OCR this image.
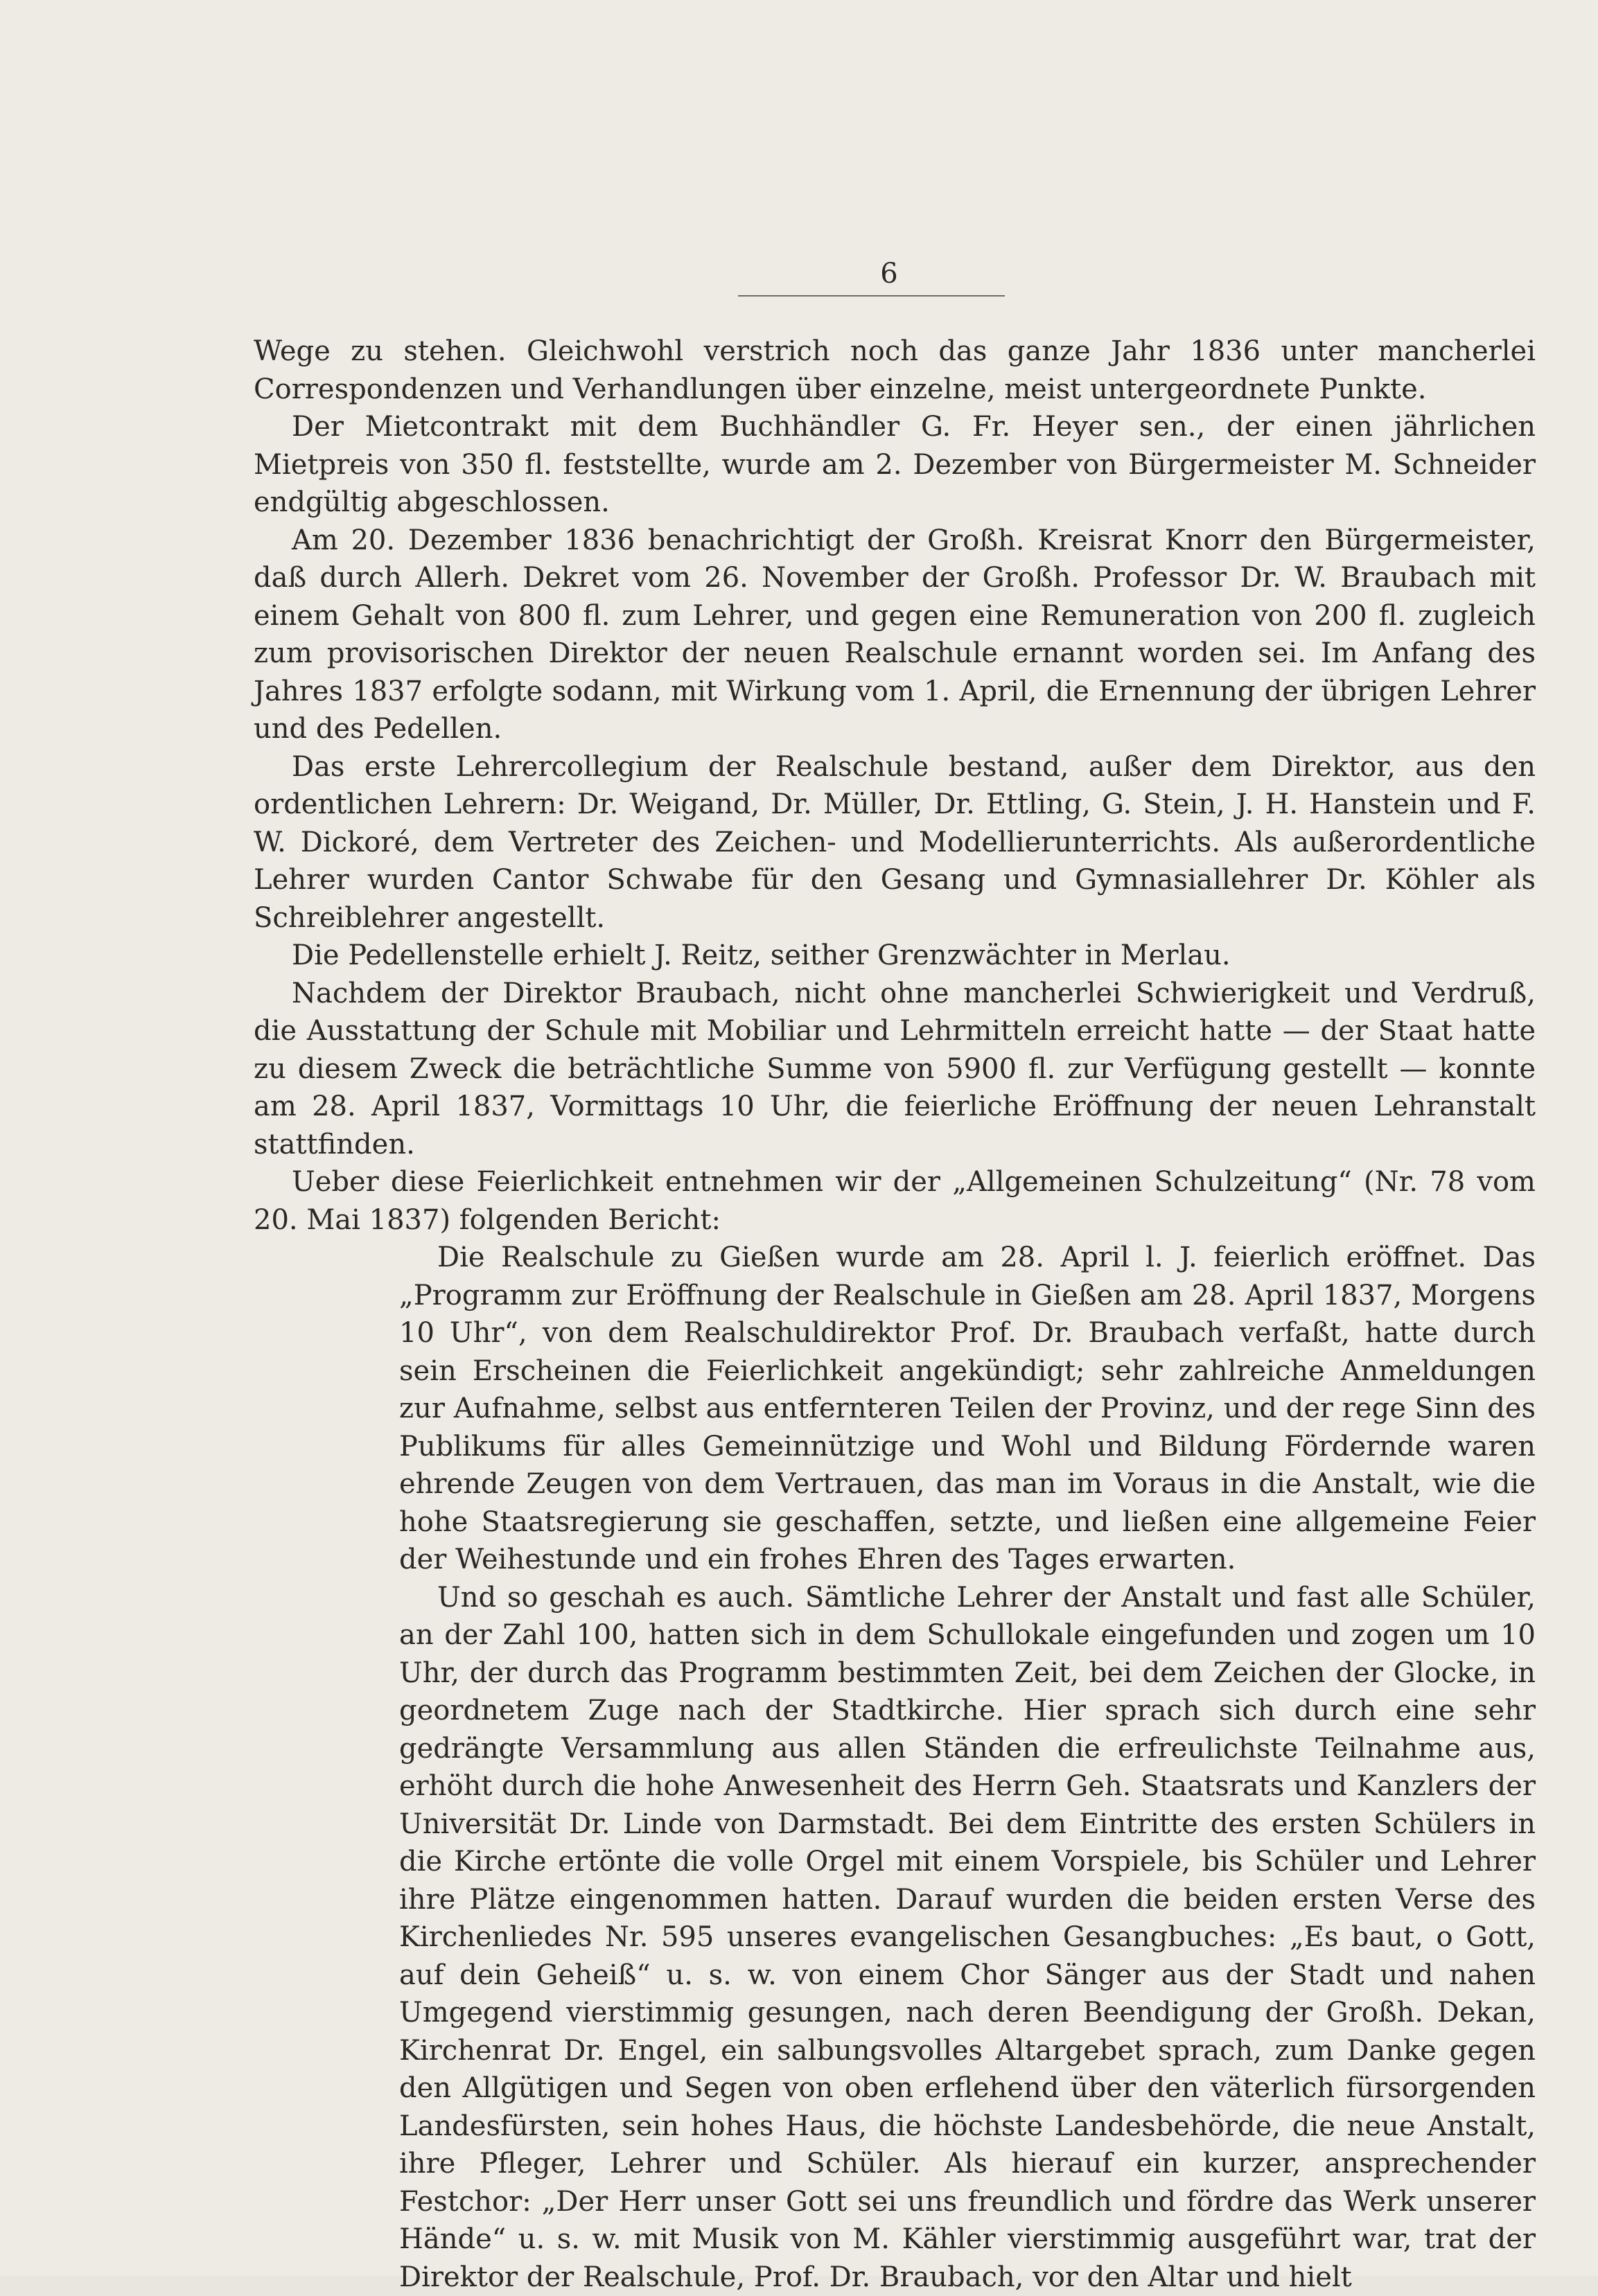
6

Wege zu stehen. Gleichwohl verstrich noch das ganze Jahr 1836 unter mancherlei Correspondenzen und Verhandlungen über einzelne, meist untergeordnete Punkte.

Der Mietcontrakt mit dem Buchhändler G. Fr. Heyer sen., der einen jährlichen Mietpreis von 350 fl. feststellte, wurde am 2. Dezember von Bürgermeister M. Schneider endgültig abgeschlossen.

Am 20. Dezember 1836 benachrichtigt der Großh. Kreisrat Knorr den Bürgermeister, daß durch Allerh. Dekret vom 26. November der Großh. Professor Dr. W. Braubach mit einem Gehalt von 800 fl. zum Lehrer, und gegen eine Remuneration von 200 fl. zugleich zum provisorischen Direktor der neuen Realschule ernannt worden sei. Im Anfang des Jahres 1837 erfolgte sodann, mit Wirkung vom 1. April, die Ernennung der übrigen Lehrer und des Pedellen.

Das erste Lehrercollegium der Realschule bestand, außer dem Direktor, aus den ordentlichen Lehrern: Dr. Weigand, Dr. Müller, Dr. Ettling, G. Stein, J. H. Hanstein und F. W. Dickoré, dem Vertreter des Zeichen- und Modellierunterrichts. Als außerordentliche Lehrer wurden Cantor Schwabe für den Gesang und Gymnasiallehrer Dr. Köhler als Schreiblehrer angestellt.

Die Pedellenstelle erhielt J. Reitz, seither Grenzwächter in Merlau.

Nachdem der Direktor Braubach, nicht ohne mancherlei Schwierigkeit und Verdruß, die Ausstattung der Schule mit Mobiliar und Lehrmitteln erreicht hatte — der Staat hatte zu diesem Zweck die beträchtliche Summe von 5900 fl. zur Verfügung gestellt — konnte am 28. April 1837, Vormittags 10 Uhr, die feierliche Eröffnung der neuen Lehranstalt stattfinden.

Ueber diese Feierlichkeit entnehmen wir der „Allgemeinen Schulzeitung“ (Nr. 78 vom 20. Mai 1837) folgenden Bericht:

Die Realschule zu Gießen wurde am 28. April l. J. feierlich eröffnet. Das „Programm zur Eröffnung der Realschule in Gießen am 28. April 1837, Morgens 10 Uhr“, von dem Realschuldirektor Prof. Dr. Braubach verfaßt, hatte durch sein Erscheinen die Feierlichkeit angekündigt; sehr zahlreiche Anmeldungen zur Aufnahme, selbst aus entfernteren Teilen der Provinz, und der rege Sinn des Publikums für alles Gemeinnützige und Wohl und Bildung Fördernde waren ehrende Zeugen von dem Vertrauen, das man im Voraus in die Anstalt, wie die hohe Staatsregierung sie geschaffen, setzte, und ließen eine allgemeine Feier der Weihestunde und ein frohes Ehren des Tages erwarten.

Und so geschah es auch. Sämtliche Lehrer der Anstalt und fast alle Schüler, an der Zahl 100, hatten sich in dem Schullokale eingefunden und zogen um 10 Uhr, der durch das Programm bestimmten Zeit, bei dem Zeichen der Glocke, in geordnetem Zuge nach der Stadtkirche. Hier sprach sich durch eine sehr gedrängte Versammlung aus allen Ständen die erfreulichste Teilnahme aus, erhöht durch die hohe Anwesenheit des Herrn Geh. Staatsrats und Kanzlers der Universität Dr. Linde von Darmstadt. Bei dem Eintritte des ersten Schülers in die Kirche ertönte die volle Orgel mit einem Vorspiele, bis Schüler und Lehrer ihre Plätze eingenommen hatten. Darauf wurden die beiden ersten Verse des Kirchenliedes Nr. 595 unseres evangelischen Gesangbuches: „Es baut, o Gott, auf dein Geheiß“ u. s. w. von einem Chor Sänger aus der Stadt und nahen Umgegend vierstimmig gesungen, nach deren Beendigung der Großh. Dekan, Kirchenrat Dr. Engel, ein salbungsvolles Altargebet sprach, zum Danke gegen den Allgütigen und Segen von oben erflehend über den väterlich fürsorgenden Landesfürsten, sein hohes Haus, die höchste Landesbehörde, die neue Anstalt, ihre Pfleger, Lehrer und Schüler. Als hierauf ein kurzer, ansprechender Festchor: „Der Herr unser Gott sei uns freundlich und fördre das Werk unserer Hände“ u. s. w. mit Musik von M. Kähler vierstimmig ausgeführt war, trat der Direktor der Realschule, Prof. Dr. Braubach, vor den Altar und hielt
